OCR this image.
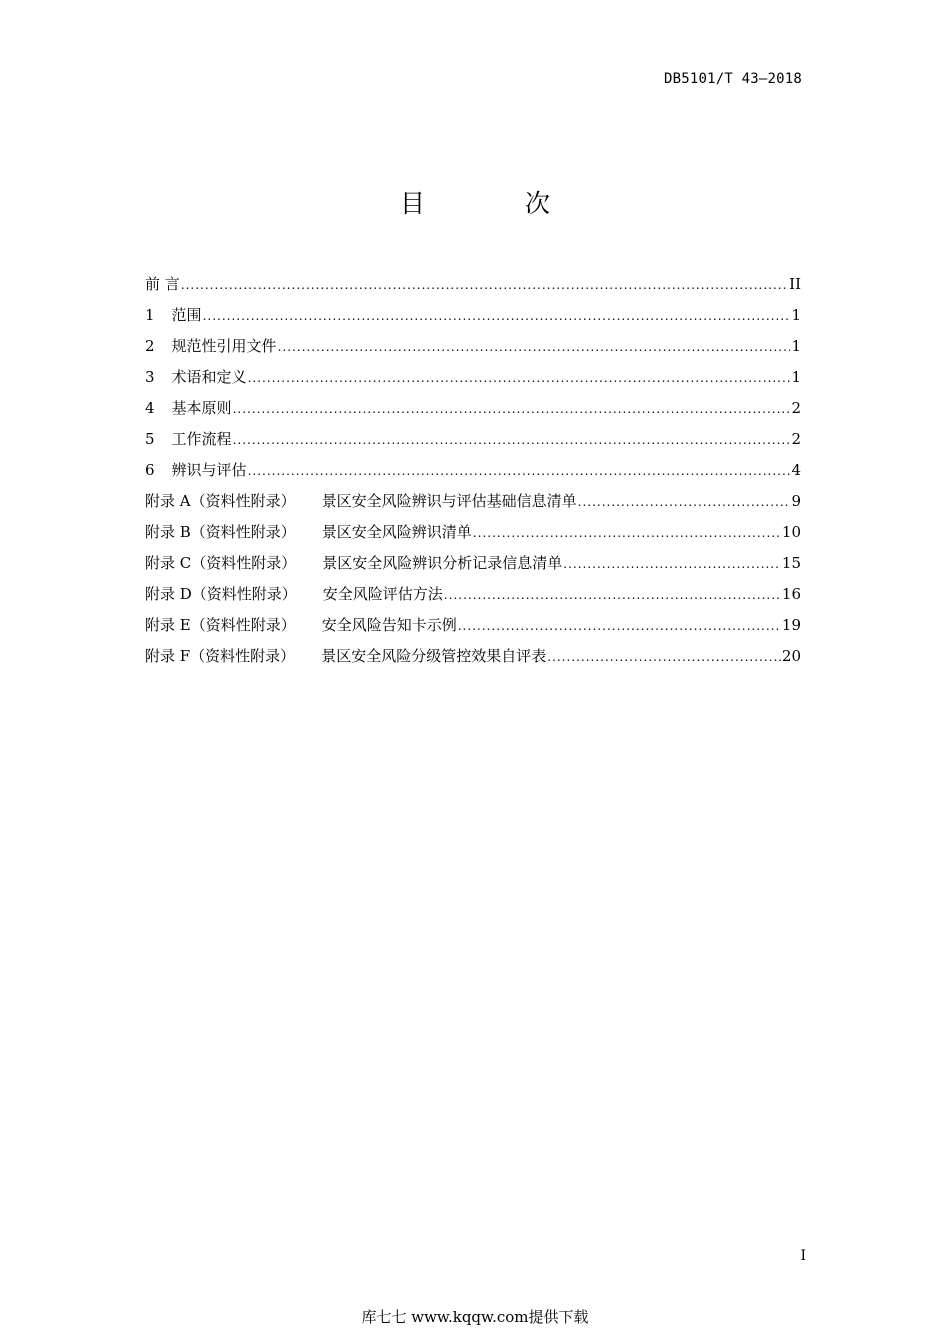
DB5101/T 43—2018
目 次
前 言 .....	II
1 范围 .....	1
2 规范性引用文件 .....	1
3 术语和定义 .....	1
4 基本原则 .....	2
5 工作流程 .....	2
6 辨识与评估 .....	4
附录 A（资料性附录） 景区安全风险辨识与评估基础信息清单 .....	9
附录 B（资料性附录） 景区安全风险辨识清单 .....	10
附录 C（资料性附录） 景区安全风险辨识分析记录信息清单 .....	15
附录 D（资料性附录） 安全风险评估方法 .....	16
附录 E（资料性附录） 安全风险告知卡示例 .....	19
附录 F（资料性附录） 景区安全风险分级管控效果自评表 .....	20
I
库七七 www.kqqw.com提供下载
